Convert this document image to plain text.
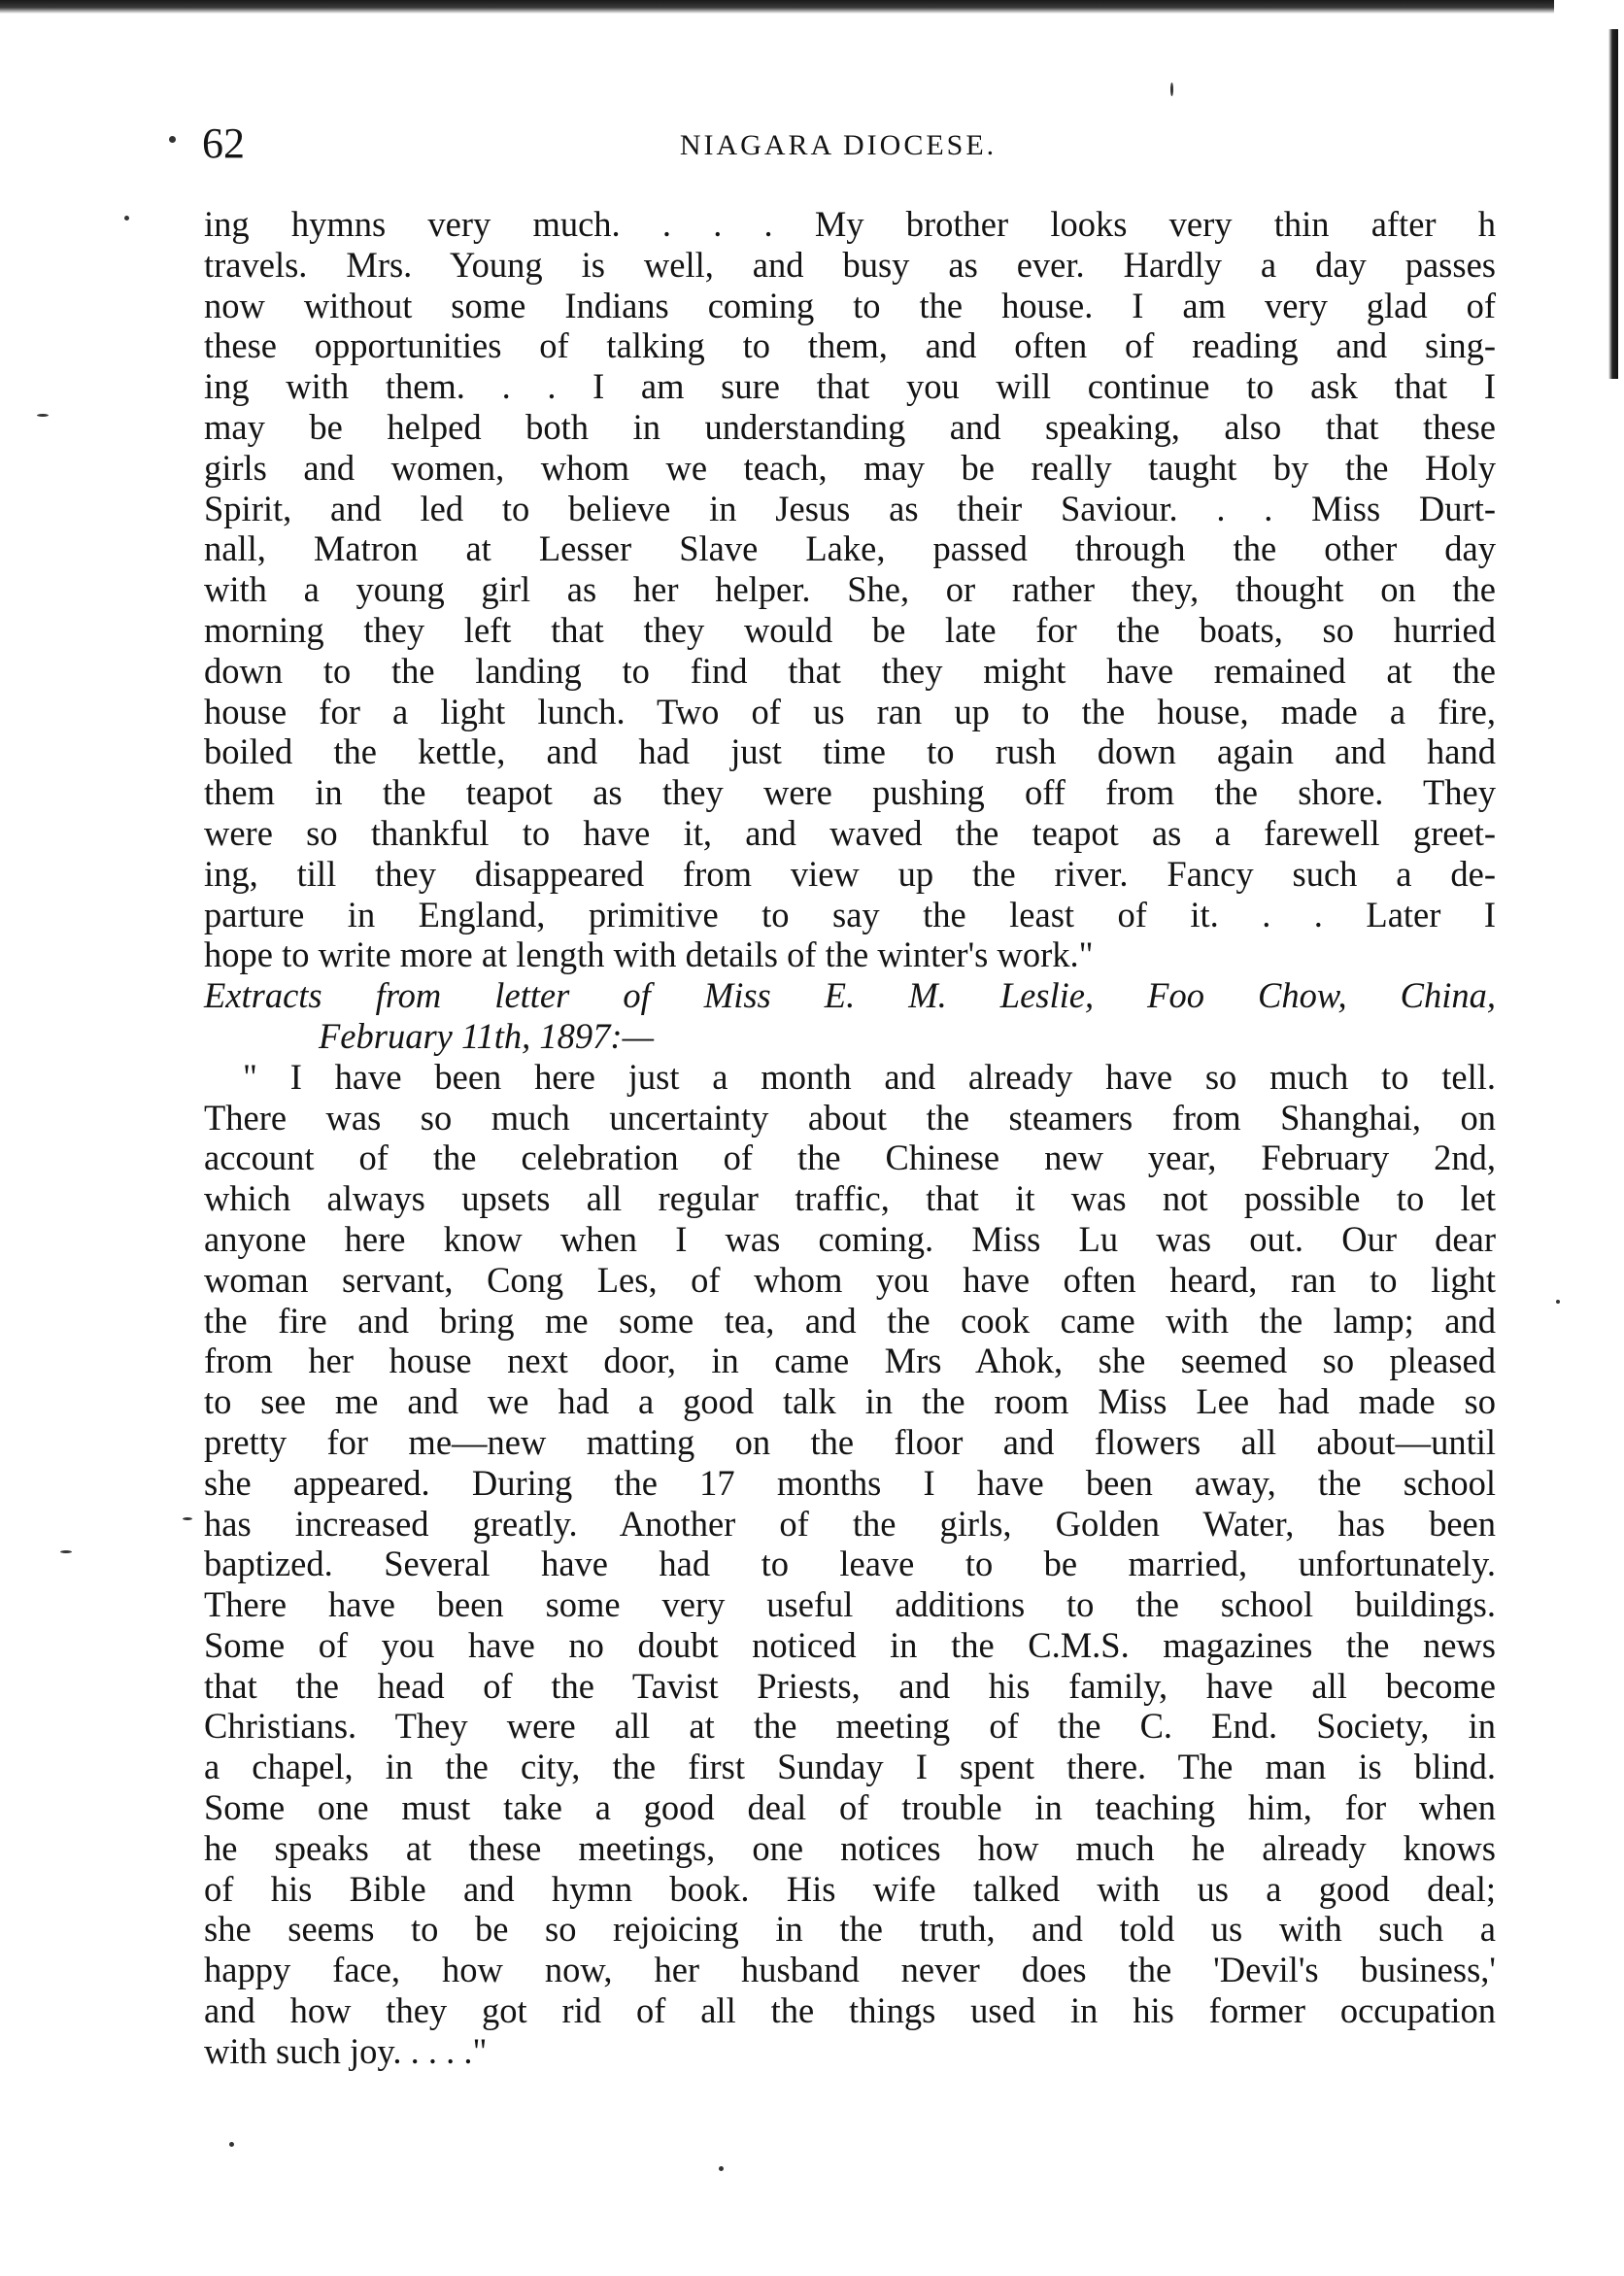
62	NIAGARA DIOCESE.
ing hymns very much. . . . My brother looks very thin after h
travels. Mrs. Young is well, and busy as ever. Hardly a day passes
now without some Indians coming to the house. I am very glad of
these opportunities of talking to them, and often of reading and sing-
ing with them. . . I am sure that you will continue to ask that I
may be helped both in understanding and speaking, also that these
girls and women, whom we teach, may be really taught by the Holy
Spirit, and led to believe in Jesus as their Saviour. . . Miss Durt-
nall, Matron at Lesser Slave Lake, passed through the other day
with a young girl as her helper. She, or rather they, thought on the
morning they left that they would be late for the boats, so hurried
down to the landing to find that they might have remained at the
house for a light lunch. Two of us ran up to the house, made a fire,
boiled the kettle, and had just time to rush down again and hand
them in the teapot as they were pushing off from the shore. They
were so thankful to have it, and waved the teapot as a farewell greet-
ing, till they disappeared from view up the river. Fancy such a de-
parture in England, primitive to say the least of it. . . Later I
hope to write more at length with details of the winter's work."
Extracts from letter of Miss E. M. Leslie, Foo Chow, China,
February 11th, 1897:—
" I have been here just a month and already have so much to tell.
There was so much uncertainty about the steamers from Shanghai, on
account of the celebration of the Chinese new year, February 2nd,
which always upsets all regular traffic, that it was not possible to let
anyone here know when I was coming. Miss Lu was out. Our dear
woman servant, Cong Les, of whom you have often heard, ran to light
the fire and bring me some tea, and the cook came with the lamp; and
from her house next door, in came Mrs Ahok, she seemed so pleased
to see me and we had a good talk in the room Miss Lee had made so
pretty for me—new matting on the floor and flowers all about—until
she appeared. During the 17 months I have been away, the school
has increased greatly. Another of the girls, Golden Water, has been
baptized. Several have had to leave to be married, unfortunately.
There have been some very useful additions to the school buildings.
Some of you have no doubt noticed in the C.M.S. magazines the news
that the head of the Tavist Priests, and his family, have all become
Christians. They were all at the meeting of the C. End. Society, in
a chapel, in the city, the first Sunday I spent there. The man is blind.
Some one must take a good deal of trouble in teaching him, for when
he speaks at these meetings, one notices how much he already knows
of his Bible and hymn book. His wife talked with us a good deal;
she seems to be so rejoicing in the truth, and told us with such a
happy face, how now, her husband never does the 'Devil's business,'
and how they got rid of all the things used in his former occupation
with such joy. . . . ."
